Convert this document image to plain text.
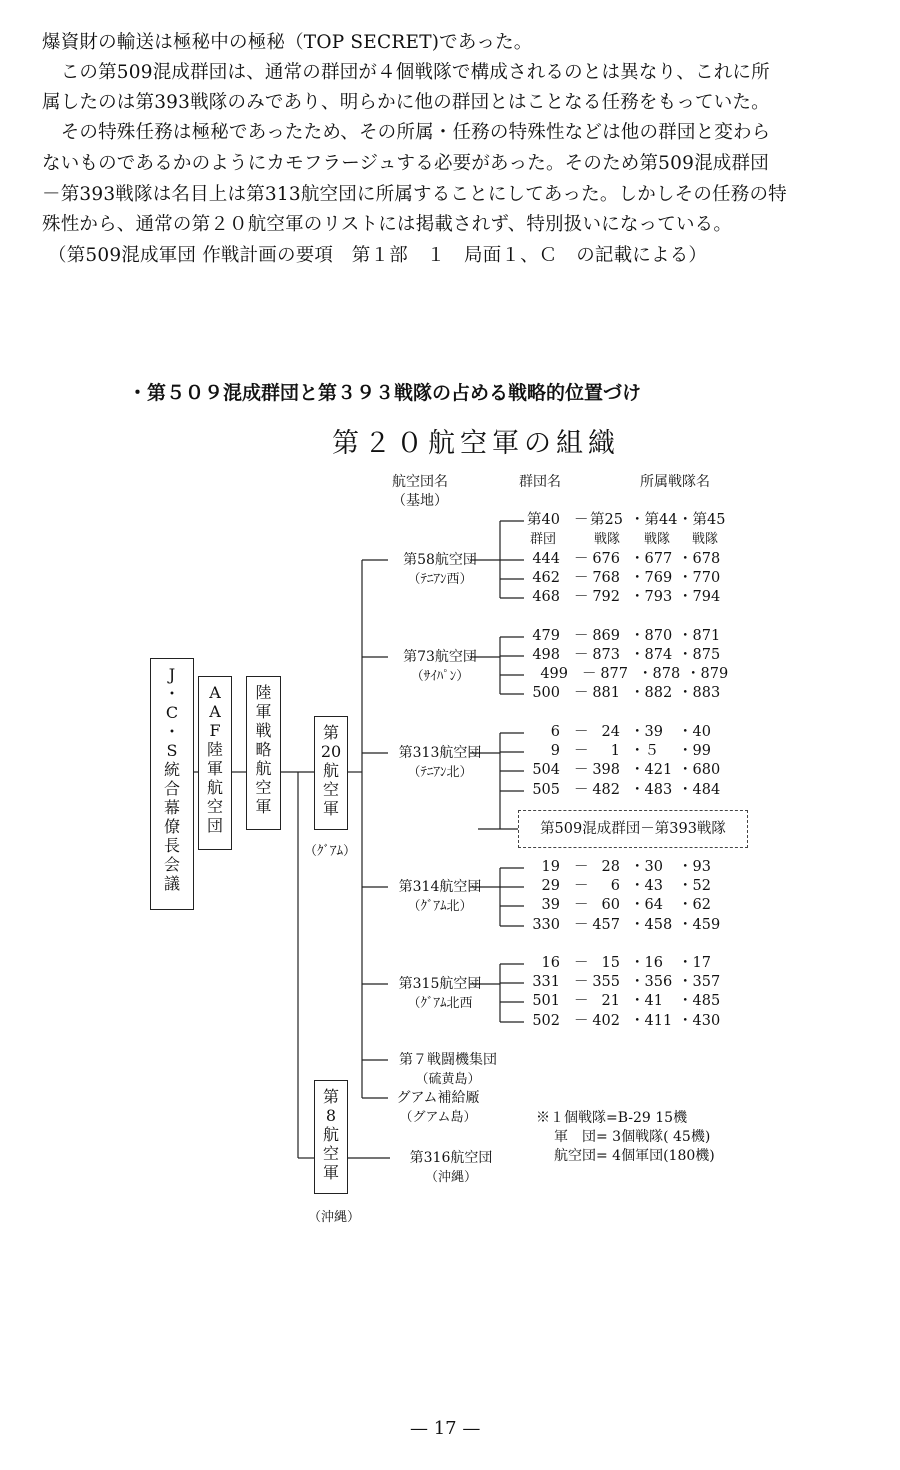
爆資財の輸送は極秘中の極秘（TOP SECRET)であった。

　この第509混成群団は、通常の群団が４個戦隊で構成されるのとは異なり、これに所

属したのは第393戦隊のみであり、明らかに他の群団とはことなる任務をもっていた。

　その特殊任務は極秘であったため、その所属・任務の特殊性などは他の群団と変わら

ないものであるかのようにカモフラージュする必要があった。そのため第509混成群団

－第393戦隊は名目上は第313航空団に所属することにしてあった。しかしその任務の特

殊性から、通常の第２０航空軍のリストには掲載されず、特別扱いになっている。

（第509混成軍団 作戦計画の要項　第１部　１　局面１、Ｃ　の記載による）

・第５０９混成群団と第３９３戦隊の占める戦略的位置づけ
第２０航空軍の組織
航空団名
（基地）
群団名	所属戦隊名
J
・
C
・
S
統
合
幕
僚
長
会
議
A
A
F
陸
軍
航
空
団
陸
軍
戦
略
航
空
軍
第
20
航
空
軍
（ｸﾞｱﾑ）
第
8
航
空
軍
（沖縄）
第58航空団
（ﾃﾆｱﾝ西）
第73航空団
（ｻｲﾊﾟﾝ）
第313航空団
（ﾃﾆｱﾝ北）
第314航空団
（ｸﾞｱﾑ北）
第315航空団
（ｸﾞｱﾑ北西
第７戦闘機集団
（硫黄島）
グアム補給厰
（グアム島）
第316航空団
（沖縄）
第40 － 第25 ・第44 ・第45
群団	戦隊	戦隊	戦隊
444 － 676 ・677 ・678
462 － 768 ・769 ・770
468 － 792 ・793 ・794
479 － 869 ・870 ・871
498 － 873 ・874 ・875
499 － 877 ・878 ・879
500 － 881 ・882 ・883
6 － 24 ・39 ・40
9 －	1 ・５	・99
504 － 398 ・421 ・680
505 － 482 ・483 ・484
第509混成群団－第393戦隊
19 － 28 ・30 ・93
29 －	6 ・43 ・52
39 － 60 ・64 ・62
330 － 457 ・458 ・459
16 － 15 ・16 ・17
331 － 355 ・356 ・357
501 － 21 ・41 ・485
502 － 402 ・411 ・430
※１個戦隊=B-29 15機
軍　団= 3個戦隊( 45機)
航空団= 4個軍団(180機)
— 17 —
